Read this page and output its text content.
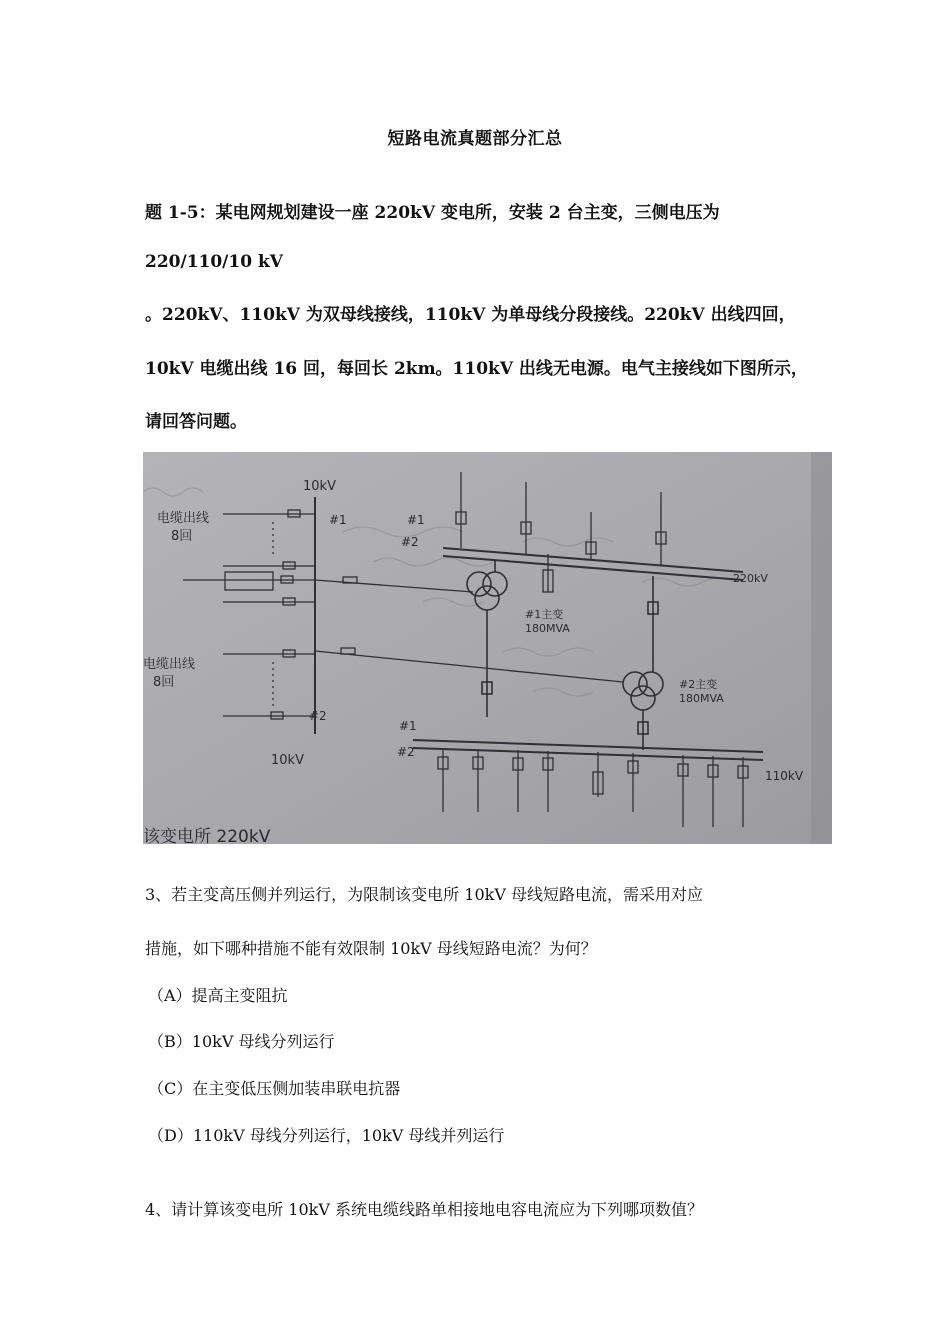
短路电流真题部分汇总
题 1-5：某电网规划建设一座 220kV 变电所，安装 2 台主变，三侧电压为
220/110/10 kV
。220kV、110kV 为双母线接线，110kV 为单母线分段接线。220kV 出线四回，
10kV 电缆出线 16 回，每回长 2km。110kV 出线无电源。电气主接线如下图所示，
请回答问题。
10kV
电缆出线
8回
#1
电缆出线
8回
#2
10kV
#1
#2
220kV
#1主变
180MVA
#2主变
180MVA
#1
#2
110kV
该变电所 220kV
3、若主变高压侧并列运行，为限制该变电所 10kV 母线短路电流，需采用对应
措施，如下哪种措施不能有效限制 10kV 母线短路电流？为何？
（A）提高主变阻抗
（B）10kV 母线分列运行
（C）在主变低压侧加装串联电抗器
（D）110kV 母线分列运行，10kV 母线并列运行
4、请计算该变电所 10kV 系统电缆线路单相接地电容电流应为下列哪项数值？
